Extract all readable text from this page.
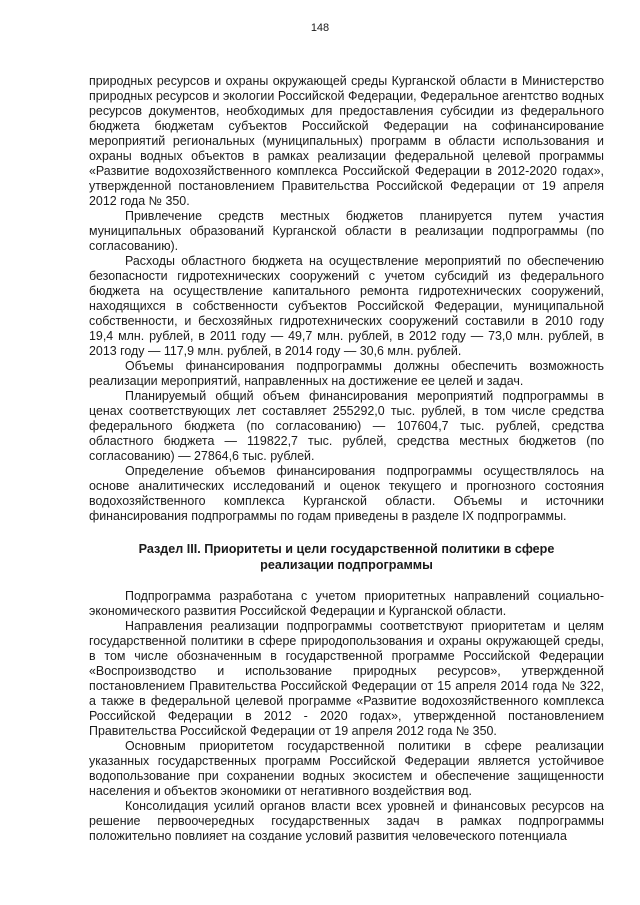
148

природных ресурсов и охраны окружающей среды Курганской области в Министерство природных ресурсов и экологии Российской Федерации, Федеральное агентство водных ресурсов документов, необходимых для предоставления субсидии из федерального бюджета бюджетам субъектов Российской Федерации на софинансирование мероприятий региональных (муниципальных) программ в области использования и охраны водных объектов в рамках реализации федеральной целевой программы «Развитие водохозяйственного комплекса Российской Федерации в 2012-2020 годах», утвержденной постановлением Правительства Российской Федерации от 19 апреля 2012 года № 350.

Привлечение средств местных бюджетов планируется путем участия муниципальных образований Курганской области в реализации подпрограммы (по согласованию).

Расходы областного бюджета на осуществление мероприятий по обеспечению безопасности гидротехнических сооружений с учетом субсидий из федерального бюджета на осуществление капитального ремонта гидротехнических сооружений, находящихся в собственности субъектов Российской Федерации, муниципальной собственности, и бесхозяйных гидротехнических сооружений составили в 2010 году 19,4 млн. рублей, в 2011 году — 49,7 млн. рублей, в 2012 году — 73,0 млн. рублей, в 2013 году — 117,9 млн. рублей, в 2014 году — 30,6 млн. рублей.

Объемы финансирования подпрограммы должны обеспечить возможность реализации мероприятий, направленных на достижение ее целей и задач.

Планируемый общий объем финансирования мероприятий подпрограммы в ценах соответствующих лет составляет 255292,0 тыс. рублей, в том числе средства федерального бюджета (по согласованию) — 107604,7 тыс. рублей, средства областного бюджета — 119822,7 тыс. рублей, средства местных бюджетов (по согласованию) — 27864,6 тыс. рублей.

Определение объемов финансирования подпрограммы осуществлялось на основе аналитических исследований и оценок текущего и прогнозного состояния водохозяйственного комплекса Курганской области. Объемы и источники финансирования подпрограммы по годам приведены в разделе IX подпрограммы.

Раздел III. Приоритеты и цели государственной политики в сфере
реализации подпрограммы

Подпрограмма разработана с учетом приоритетных направлений социально-экономического развития Российской Федерации и Курганской области.

Направления реализации подпрограммы соответствуют приоритетам и целям государственной политики в сфере природопользования и охраны окружающей среды, в том числе обозначенным в государственной программе Российской Федерации «Воспроизводство и использование природных ресурсов», утвержденной постановлением Правительства Российской Федерации от 15 апреля 2014 года № 322, а также в федеральной целевой программе «Развитие водохозяйственного комплекса Российской Федерации в 2012 - 2020 годах», утвержденной постановлением Правительства Российской Федерации от 19 апреля 2012 года № 350.

Основным приоритетом государственной политики в сфере реализации указанных государственных программ Российской Федерации является устойчивое водопользование при сохранении водных экосистем и обеспечение защищенности населения и объектов экономики от негативного воздействия вод.

Консолидация усилий органов власти всех уровней и финансовых ресурсов на решение первоочередных государственных задач в рамках подпрограммы положительно повлияет на создание условий развития человеческого потенциала
